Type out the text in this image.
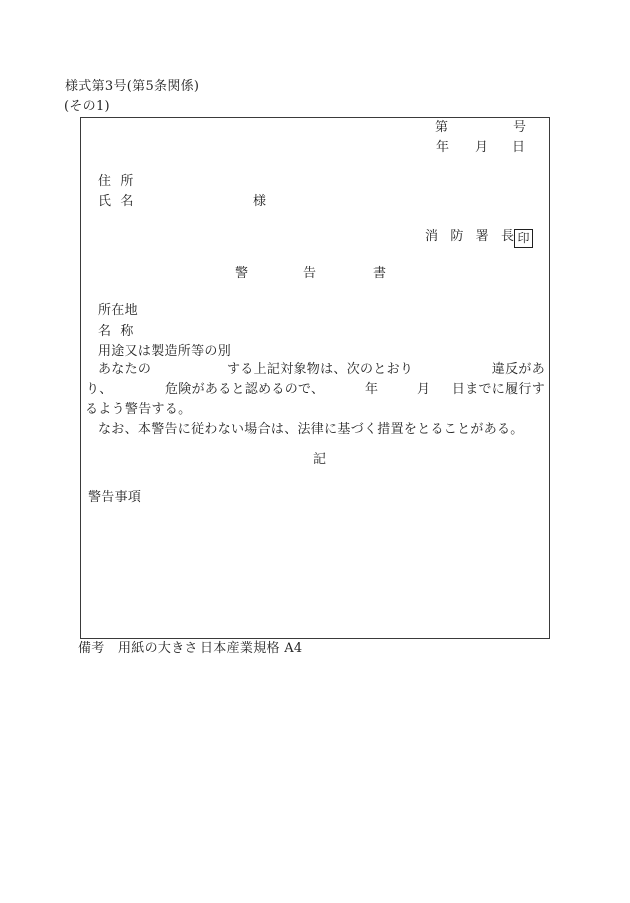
様式第3号(第5条関係)
(その1)
第	号
年 月 日
住 所
氏 名	様
消 防 署 長 印
警	告	書
所在地
名 称
用途又は製造所等の別
あなたの	する上記対象物は、次のとおり	違反があ
り、	危険があると認めるので、	年	月 日までに履行す
るよう警告する。
なお、本警告に従わない場合は、法律に基づく措置をとることがある。
記
警告事項
備考 用紙の大きさ 日本産業規格 A4
